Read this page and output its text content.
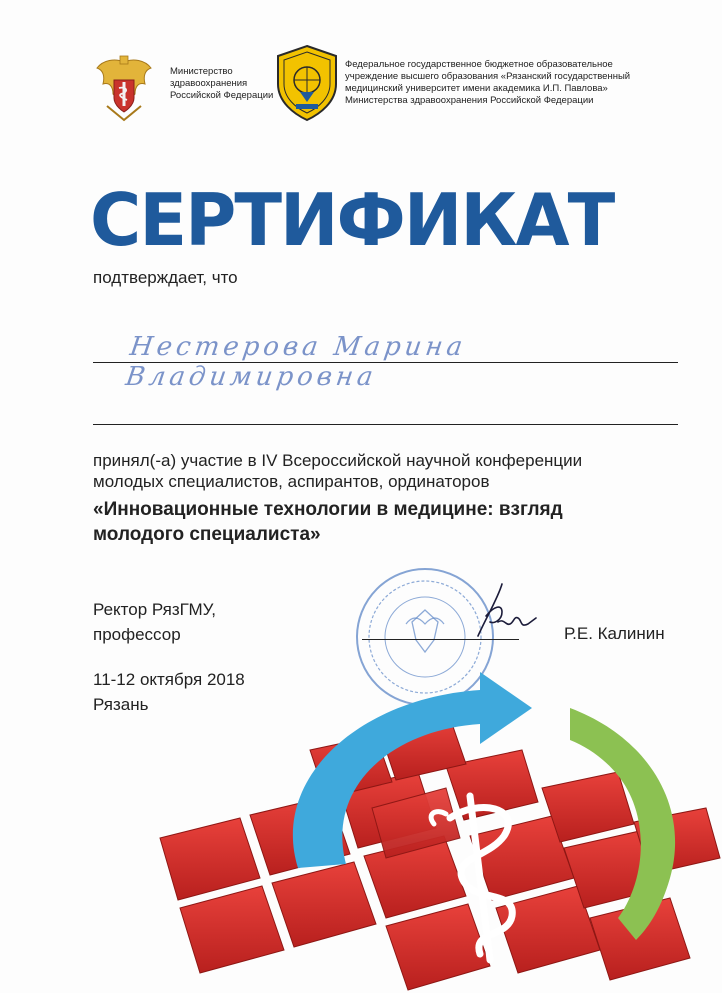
Министерство
здравоохранения
Российской Федерации
Федеральное государственное бюджетное образовательное
учреждение высшего образования «Рязанский государственный
медицинский университет имени академика И.П. Павлова»
Министерства здравоохранения Российской Федерации
СЕРТИФИКАТ
подтверждает, что
Нестерова Марина Владимировна
принял(-а) участие в IV Всероссийской научной конференции
молодых специалистов, аспирантов, ординаторов
«Инновационные технологии в медицине: взгляд
молодого специалиста»
Ректор РязГМУ,
профессор	Р.Е. Калинин
11-12 октября 2018
Рязань
